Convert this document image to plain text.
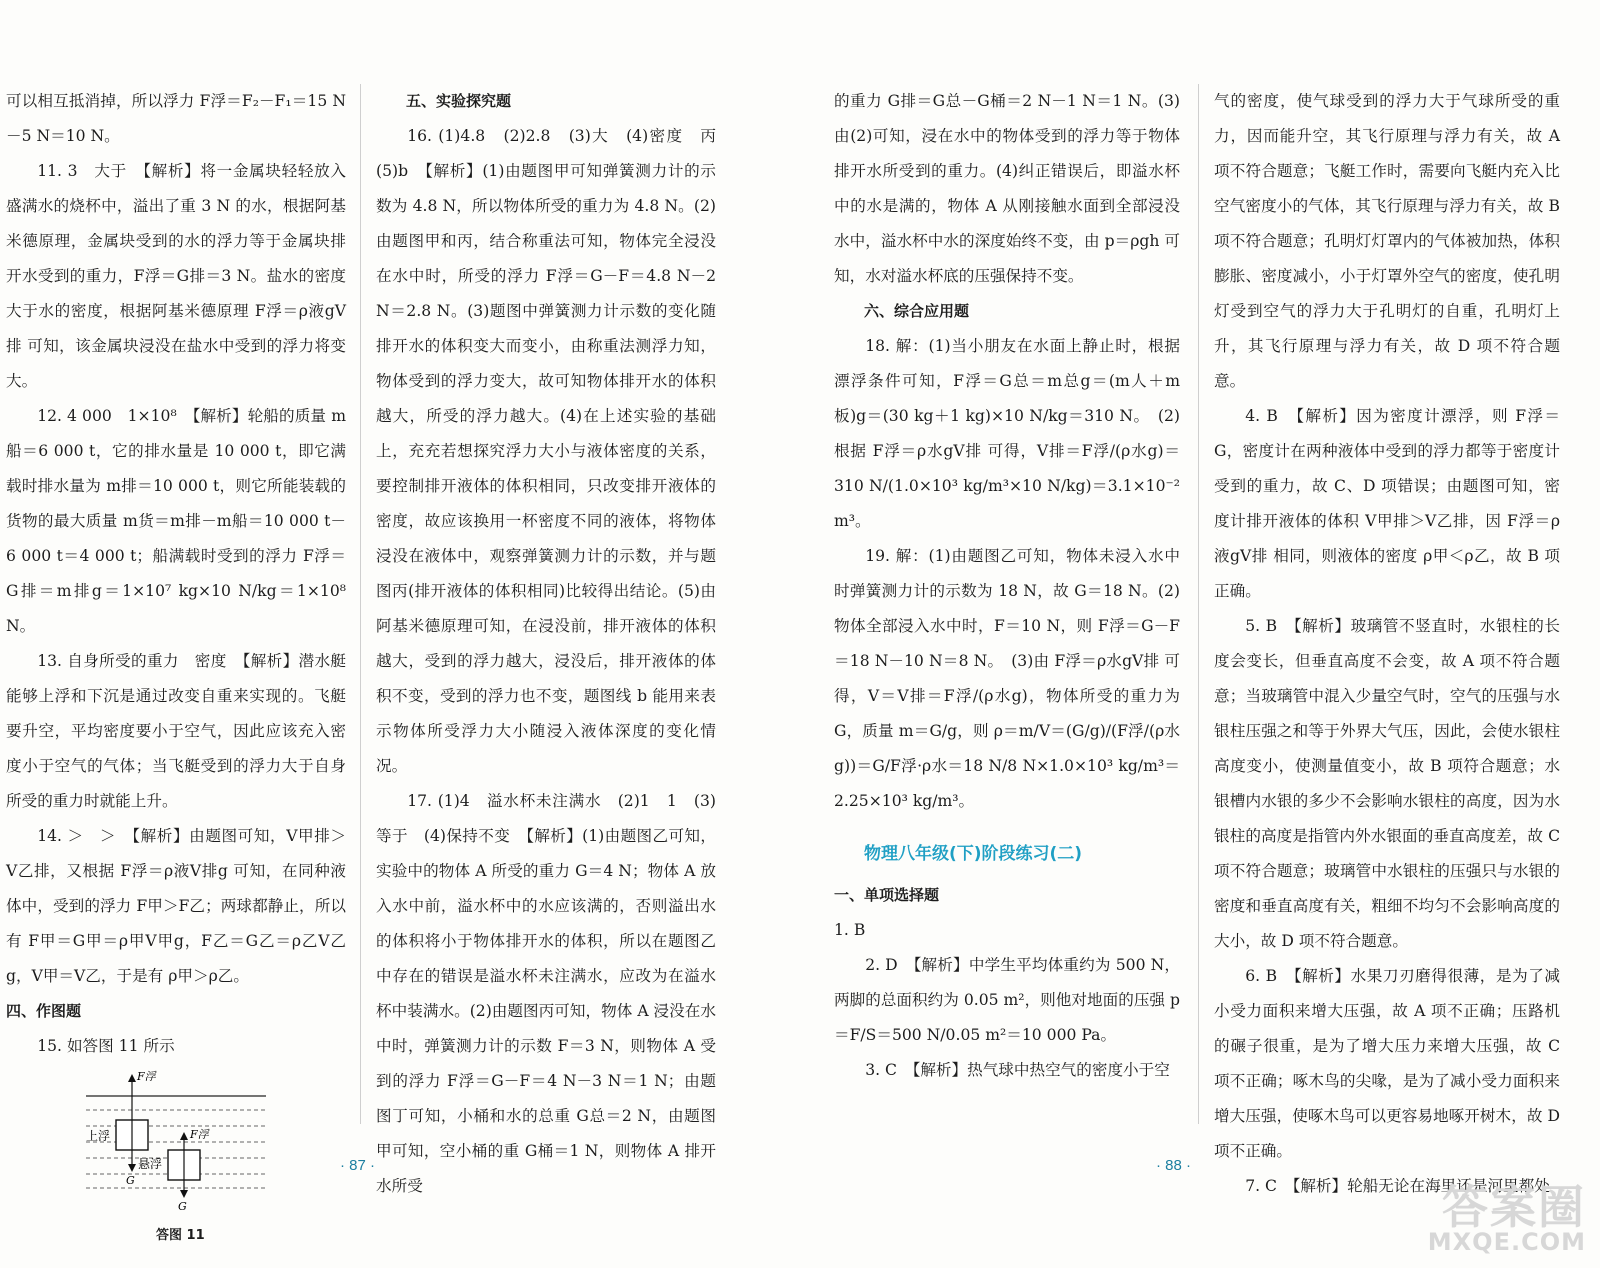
可以相互抵消掉，所以浮力 F浮＝F₂－F₁＝15 N－5 N＝10 N。

11. 3　大于　【解析】将一金属块轻轻放入盛满水的烧杯中，溢出了重 3 N 的水，根据阿基米德原理，金属块受到的水的浮力等于金属块排开水受到的重力，F浮＝G排＝3 N。盐水的密度大于水的密度，根据阿基米德原理 F浮＝ρ液gV排 可知，该金属块浸没在盐水中受到的浮力将变大。

12. 4 000　1×10⁸　【解析】轮船的质量 m船＝6 000 t，它的排水量是 10 000 t，即它满载时排水量为 m排＝10 000 t，则它所能装载的货物的最大质量 m货＝m排－m船＝10 000 t－6 000 t＝4 000 t；船满载时受到的浮力 F浮＝G排＝m排g＝1×10⁷ kg×10 N/kg＝1×10⁸ N。

13. 自身所受的重力　密度　【解析】潜水艇能够上浮和下沉是通过改变自重来实现的。飞艇要升空，平均密度要小于空气，因此应该充入密度小于空气的气体；当飞艇受到的浮力大于自身所受的重力时就能上升。

14. ＞　＞　【解析】由题图可知，V甲排＞V乙排，又根据 F浮＝ρ液V排g 可知，在同种液体中，受到的浮力 F甲＞F乙；两球都静止，所以有 F甲＝G甲＝ρ甲V甲g，F乙＝G乙＝ρ乙V乙g，V甲＝V乙，于是有 ρ甲＞ρ乙。

四、作图题

15. 如答图 11 所示

上浮
悬浮
F浮
F浮
G
G

答图 11

五、实验探究题

16. (1)4.8　(2)2.8　(3)大　(4)密度　丙　(5)b　【解析】(1)由题图甲可知弹簧测力计的示数为 4.8 N，所以物体所受的重力为 4.8 N。(2)由题图甲和丙，结合称重法可知，物体完全浸没在水中时，所受的浮力 F浮＝G－F＝4.8 N－2 N＝2.8 N。(3)题图中弹簧测力计示数的变化随排开水的体积变大而变小，由称重法测浮力知，物体受到的浮力变大，故可知物体排开水的体积越大，所受的浮力越大。(4)在上述实验的基础上，充充若想探究浮力大小与液体密度的关系，要控制排开液体的体积相同，只改变排开液体的密度，故应该换用一杯密度不同的液体，将物体浸没在液体中，观察弹簧测力计的示数，并与题图丙(排开液体的体积相同)比较得出结论。(5)由阿基米德原理可知，在浸没前，排开液体的体积越大，受到的浮力越大，浸没后，排开液体的体积不变，受到的浮力也不变，题图线 b 能用来表示物体所受浮力大小随浸入液体深度的变化情况。

17. (1)4　溢水杯未注满水　(2)1　1　(3)等于　(4)保持不变　【解析】(1)由题图乙可知，实验中的物体 A 所受的重力 G＝4 N；物体 A 放入水中前，溢水杯中的水应该满的，否则溢出水的体积将小于物体排开水的体积，所以在题图乙中存在的错误是溢水杯未注满水，应改为在溢水杯中装满水。(2)由题图丙可知，物体 A 浸没在水中时，弹簧测力计的示数 F＝3 N，则物体 A 受到的浮力 F浮＝G－F＝4 N－3 N＝1 N；由题图丁可知，小桶和水的总重 G总＝2 N，由题图甲可知，空小桶的重 G桶＝1 N，则物体 A 排开水所受

· 87 ·

的重力 G排＝G总－G桶＝2 N－1 N＝1 N。(3)由(2)可知，浸在水中的物体受到的浮力等于物体排开水所受到的重力。(4)纠正错误后，即溢水杯中的水是满的，物体 A 从刚接触水面到全部浸没水中，溢水杯中水的深度始终不变，由 p＝ρgh 可知，水对溢水杯底的压强保持不变。

六、综合应用题

18. 解：(1)当小朋友在水面上静止时，根据漂浮条件可知，F浮＝G总＝m总g＝(m人＋m板)g＝(30 kg＋1 kg)×10 N/kg＝310 N。　(2)根据 F浮＝ρ水gV排 可得，V排＝F浮/(ρ水g)＝310 N/(1.0×10³ kg/m³×10 N/kg)＝3.1×10⁻² m³。

19. 解：(1)由题图乙可知，物体未浸入水中时弹簧测力计的示数为 18 N，故 G＝18 N。(2)物体全部浸入水中时，F＝10 N，则 F浮＝G－F＝18 N－10 N＝8 N。　(3)由 F浮＝ρ水gV排 可得，V＝V排＝F浮/(ρ水g)，物体所受的重力为 G，质量 m＝G/g，则 ρ＝m/V＝(G/g)/(F浮/(ρ水g))＝G/F浮·ρ水＝18 N/8 N×1.0×10³ kg/m³＝2.25×10³ kg/m³。

物理八年级(下)阶段练习(二)

一、单项选择题

1. B

2. D　【解析】中学生平均体重约为 500 N，两脚的总面积约为 0.05 m²，则他对地面的压强 p＝F/S＝500 N/0.05 m²＝10 000 Pa。

3. C　【解析】热气球中热空气的密度小于空

气的密度，使气球受到的浮力大于气球所受的重力，因而能升空，其飞行原理与浮力有关，故 A 项不符合题意；飞艇工作时，需要向飞艇内充入比空气密度小的气体，其飞行原理与浮力有关，故 B 项不符合题意；孔明灯灯罩内的气体被加热，体积膨胀、密度减小，小于灯罩外空气的密度，使孔明灯受到空气的浮力大于孔明灯的自重，孔明灯上升，其飞行原理与浮力有关，故 D 项不符合题意。

4. B　【解析】因为密度计漂浮，则 F浮＝G，密度计在两种液体中受到的浮力都等于密度计受到的重力，故 C、D 项错误；由题图可知，密度计排开液体的体积 V甲排＞V乙排，因 F浮＝ρ液gV排 相同，则液体的密度 ρ甲＜ρ乙，故 B 项正确。

5. B　【解析】玻璃管不竖直时，水银柱的长度会变长，但垂直高度不会变，故 A 项不符合题意；当玻璃管中混入少量空气时，空气的压强与水银柱压强之和等于外界大气压，因此，会使水银柱高度变小，使测量值变小，故 B 项符合题意；水银槽内水银的多少不会影响水银柱的高度，因为水银柱的高度是指管内外水银面的垂直高度差，故 C 项不符合题意；玻璃管中水银柱的压强只与水银的密度和垂直高度有关，粗细不均匀不会影响高度的大小，故 D 项不符合题意。

6. B　【解析】水果刀刃磨得很薄，是为了减小受力面积来增大压强，故 A 项不正确；压路机的碾子很重，是为了增大压力来增大压强，故 C 项不正确；啄木鸟的尖喙，是为了减小受力面积来增大压强，使啄木鸟可以更容易地啄开树木，故 D 项不正确。

7. C　【解析】轮船无论在海里还是河里都处

· 88 ·
答案圈
MXQE.COM
